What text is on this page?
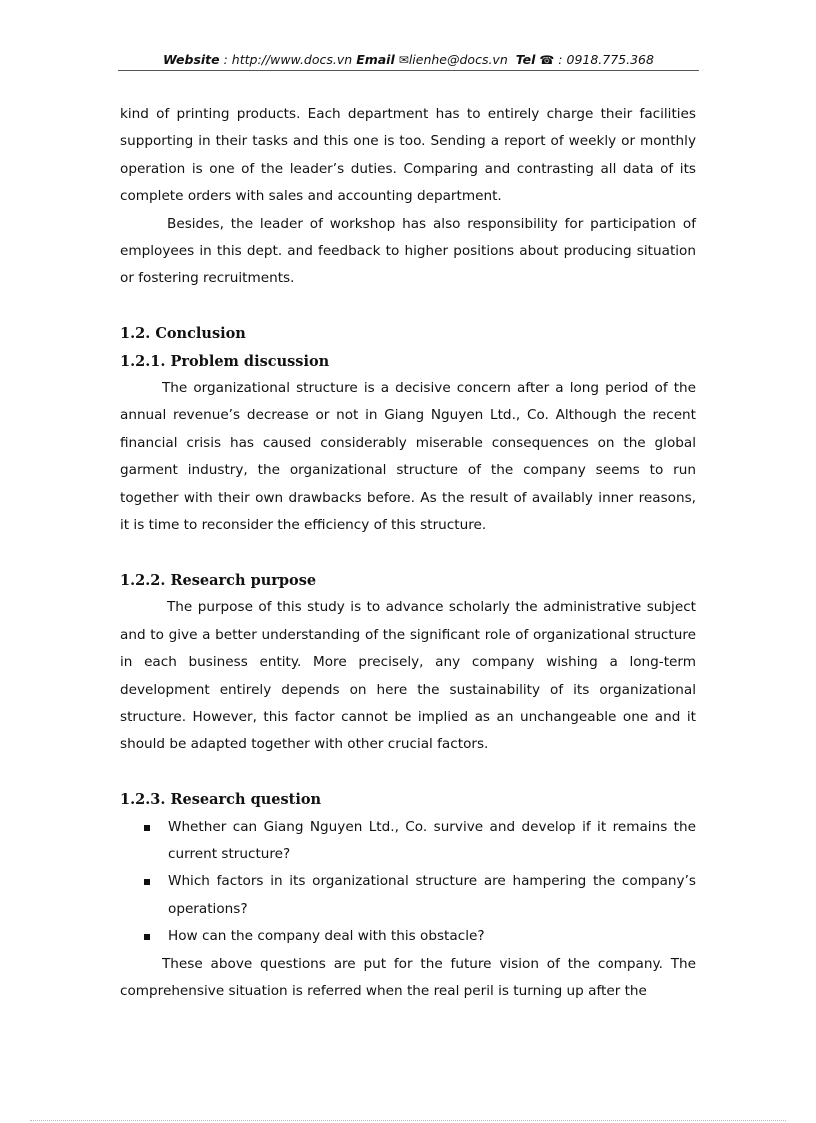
Website : http://www.docs.vn Email ✉lienhe@docs.vn Tel ☎ : 0918.775.368

kind of printing products. Each department has to entirely charge their facilities supporting in their tasks and this one is too. Sending a report of weekly or monthly operation is one of the leader’s duties. Comparing and contrasting all data of its complete orders with sales and accounting department.

Besides, the leader of workshop has also responsibility for participation of employees in this dept. and feedback to higher positions about producing situation or fostering recruitments.

1.2. Conclusion
1.2.1. Problem discussion

The organizational structure is a decisive concern after a long period of the annual revenue’s decrease or not in Giang Nguyen Ltd., Co. Although the recent financial crisis has caused considerably miserable consequences on the global garment industry, the organizational structure of the company seems to run together with their own drawbacks before. As the result of availably inner reasons, it is time to reconsider the efficiency of this structure.

1.2.2. Research purpose

The purpose of this study is to advance scholarly the administrative subject and to give a better understanding of the significant role of organizational structure in each business entity. More precisely, any company wishing a long-term development entirely depends on here the sustainability of its organizational structure. However, this factor cannot be implied as an unchangeable one and it should be adapted together with other crucial factors.

1.2.3. Research question
Whether can Giang Nguyen Ltd., Co. survive and develop if it remains the current structure?
Which factors in its organizational structure are hampering the company’s operations?
How can the company deal with this obstacle?

These above questions are put for the future vision of the company. The comprehensive situation is referred when the real peril is turning up after the
